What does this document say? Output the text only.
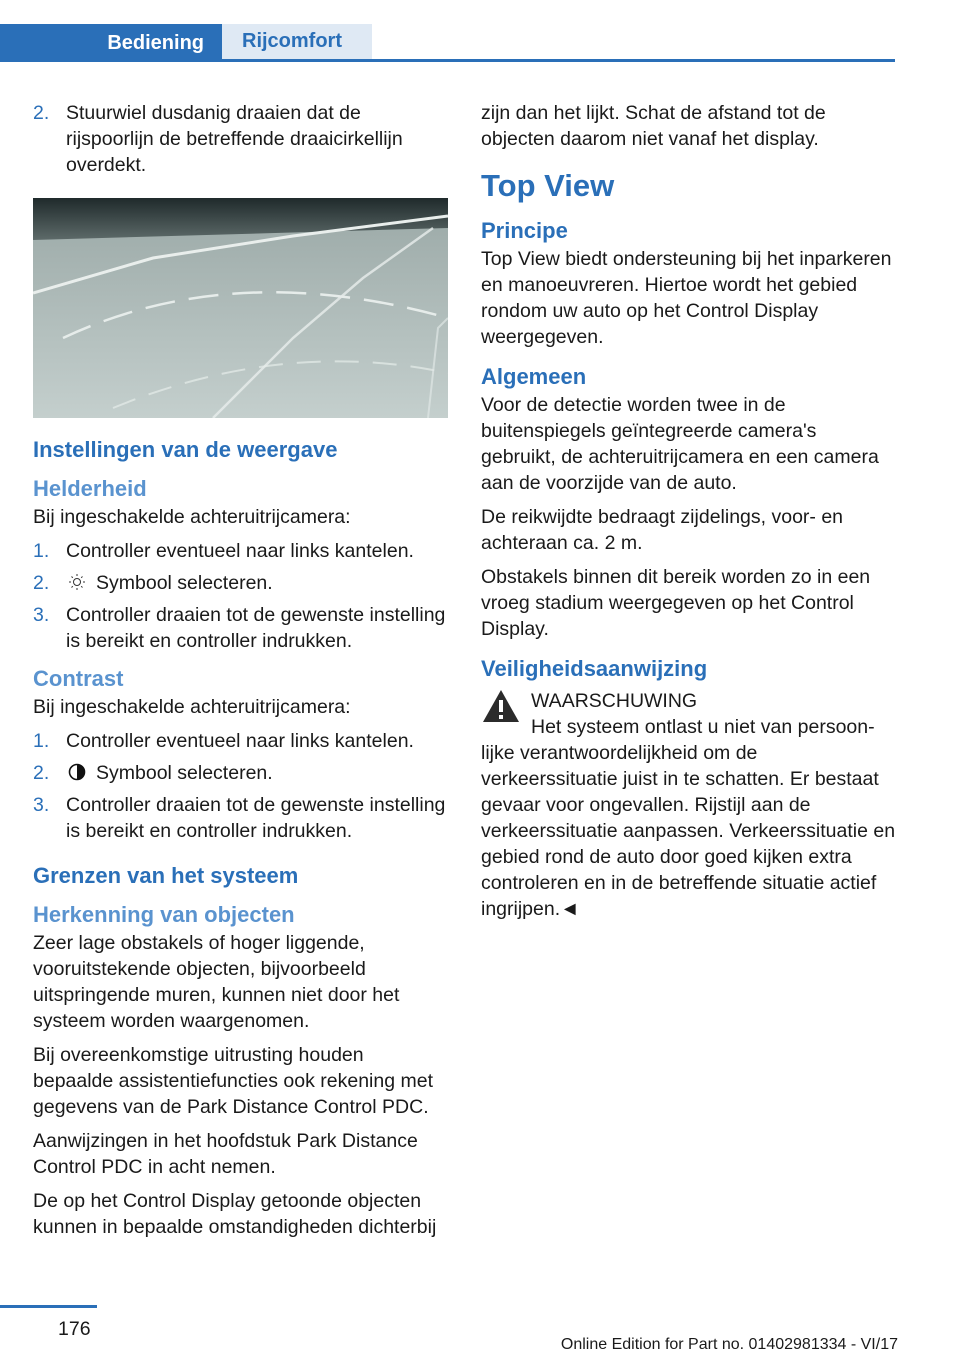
Bediening	Rijcomfort
2. Stuurwiel dusdanig draaien dat de rijspoorlijn de betreffende draaicirkellijn overdekt.
Instellingen van de weergave
Helderheid

Bij ingeschakelde achteruitrijcamera:

1. Controller eventueel naar links kantelen.
2.	Symbool selecteren.
3. Controller draaien tot de gewenste instelling is bereikt en controller indrukken.
Contrast

Bij ingeschakelde achteruitrijcamera:

1. Controller eventueel naar links kantelen.
2.	Symbool selecteren.
3. Controller draaien tot de gewenste instelling is bereikt en controller indrukken.
Grenzen van het systeem
Herkenning van objecten

Zeer lage obstakels of hoger liggende, vooruitstekende objecten, bijvoorbeeld uitspringende muren, kunnen niet door het systeem worden waargenomen.

Bij overeenkomstige uitrusting houden bepaalde assistentiefuncties ook rekening met gegevens van de Park Distance Control PDC.

Aanwijzingen in het hoofdstuk Park Distance Control PDC in acht nemen.

De op het Control Display getoonde objecten kunnen in bepaalde omstandigheden dichterbij

zijn dan het lijkt. Schat de afstand tot de objecten daarom niet vanaf het display.

Top View
Principe

Top View biedt ondersteuning bij het inparkeren en manoeuvreren. Hiertoe wordt het gebied rondom uw auto op het Control Display weergegeven.

Algemeen

Voor de detectie worden twee in de buitenspiegels geïntegreerde camera's gebruikt, de achteruitrijcamera en een camera aan de voorzijde van de auto.

De reikwijdte bedraagt zijdelings, voor- en achteraan ca. 2 m.

Obstakels binnen dit bereik worden zo in een vroeg stadium weergegeven op het Control Display.

Veiligheidsaanwijzing
WAARSCHUWING
Het systeem ontlast u niet van persoon-

lijke verantwoordelijkheid om de verkeerssituatie juist in te schatten. Er bestaat gevaar voor ongevallen. Rijstijl aan de verkeerssituatie aanpassen. Verkeerssituatie en gebied rond de auto door goed kijken extra controleren en in de betreffende situatie actief ingrijpen.◄

176
Online Edition for Part no. 01402981334 - VI/17
